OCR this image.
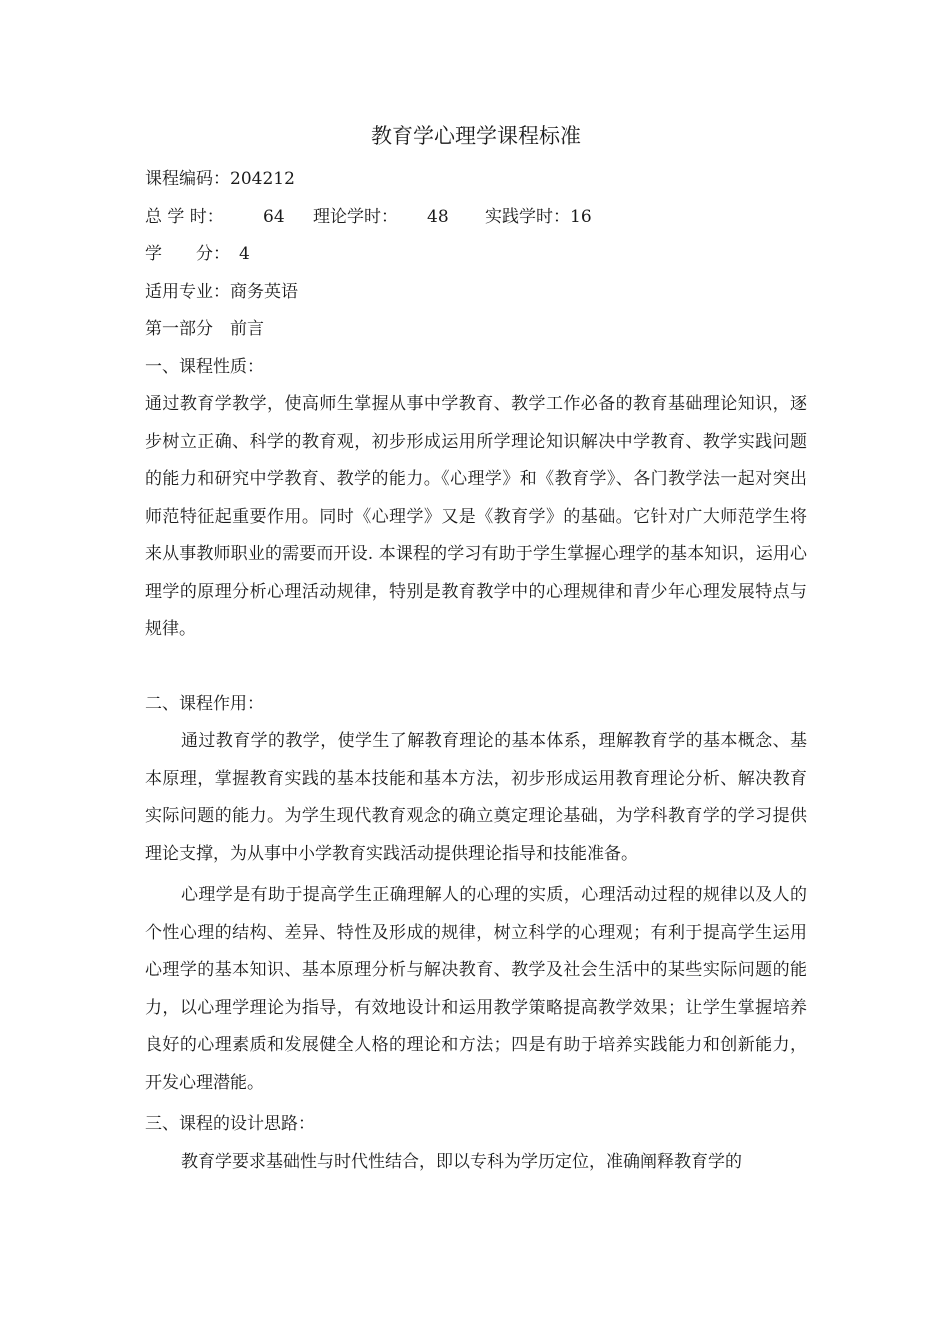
教育学心理学课程标准
课程编码：204212
总 学 时： 64 理论学时： 48 实践学时：16
学　　分： 4
适用专业：商务英语
第一部分　前言
一、课程性质：

通过教育学教学，使高师生掌握从事中学教育、教学工作必备的教育基础理论知识，逐步树立正确、科学的教育观，初步形成运用所学理论知识解决中学教育、教学实践问题的能力和研究中学教育、教学的能力。《心理学》和《教育学》、各门教学法一起对突出师范特征起重要作用。同时《心理学》又是《教育学》的基础。它针对广大师范学生将来从事教师职业的需要而开设. 本课程的学习有助于学生掌握心理学的基本知识，运用心理学的原理分析心理活动规律，特别是教育教学中的心理规律和青少年心理发展特点与规律。

二、课程作用：

通过教育学的教学，使学生了解教育理论的基本体系，理解教育学的基本概念、基本原理，掌握教育实践的基本技能和基本方法，初步形成运用教育理论分析、解决教育实际问题的能力。为学生现代教育观念的确立奠定理论基础，为学科教育学的学习提供理论支撑，为从事中小学教育实践活动提供理论指导和技能准备。

心理学是有助于提高学生正确理解人的心理的实质，心理活动过程的规律以及人的个性心理的结构、差异、特性及形成的规律，树立科学的心理观；有利于提高学生运用心理学的基本知识、基本原理分析与解决教育、教学及社会生活中的某些实际问题的能力，以心理学理论为指导，有效地设计和运用教学策略提高教学效果；让学生掌握培养良好的心理素质和发展健全人格的理论和方法；四是有助于培养实践能力和创新能力，开发心理潜能。

三、课程的设计思路：

教育学要求基础性与时代性结合，即以专科为学历定位，准确阐释教育学的
